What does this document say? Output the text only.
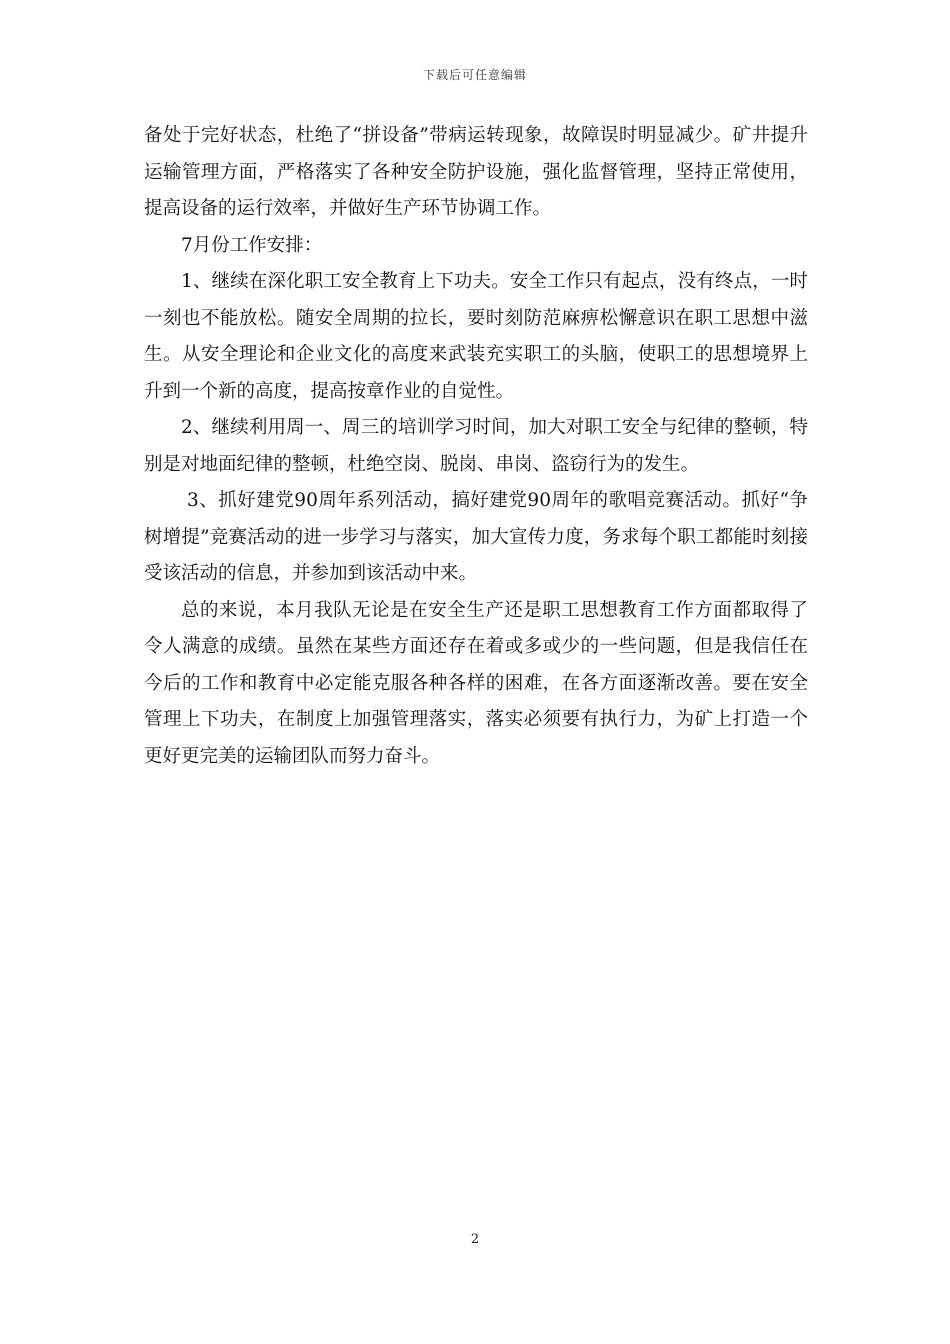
下载后可任意编辑

备处于完好状态，杜绝了“拼设备”带病运转现象，故障误时明显减少。矿井提升运输管理方面，严格落实了各种安全防护设施，强化监督管理，坚持正常使用，提高设备的运行效率，并做好生产环节协调工作。

7月份工作安排：

1、继续在深化职工安全教育上下功夫。安全工作只有起点，没有终点，一时一刻也不能放松。随安全周期的拉长，要时刻防范麻痹松懈意识在职工思想中滋生。从安全理论和企业文化的高度来武装充实职工的头脑，使职工的思想境界上升到一个新的高度，提高按章作业的自觉性。

2、继续利用周一、周三的培训学习时间，加大对职工安全与纪律的整顿，特别是对地面纪律的整顿，杜绝空岗、脱岗、串岗、盗窃行为的发生。

3、抓好建党90周年系列活动，搞好建党90周年的歌唱竞赛活动。抓好“争树增提”竞赛活动的进一步学习与落实，加大宣传力度，务求每个职工都能时刻接受该活动的信息，并参加到该活动中来。

总的来说，本月我队无论是在安全生产还是职工思想教育工作方面都取得了令人满意的成绩。虽然在某些方面还存在着或多或少的一些问题，但是我信任在今后的工作和教育中必定能克服各种各样的困难，在各方面逐渐改善。要在安全管理上下功夫，在制度上加强管理落实，落实必须要有执行力，为矿上打造一个更好更完美的运输团队而努力奋斗。

2
